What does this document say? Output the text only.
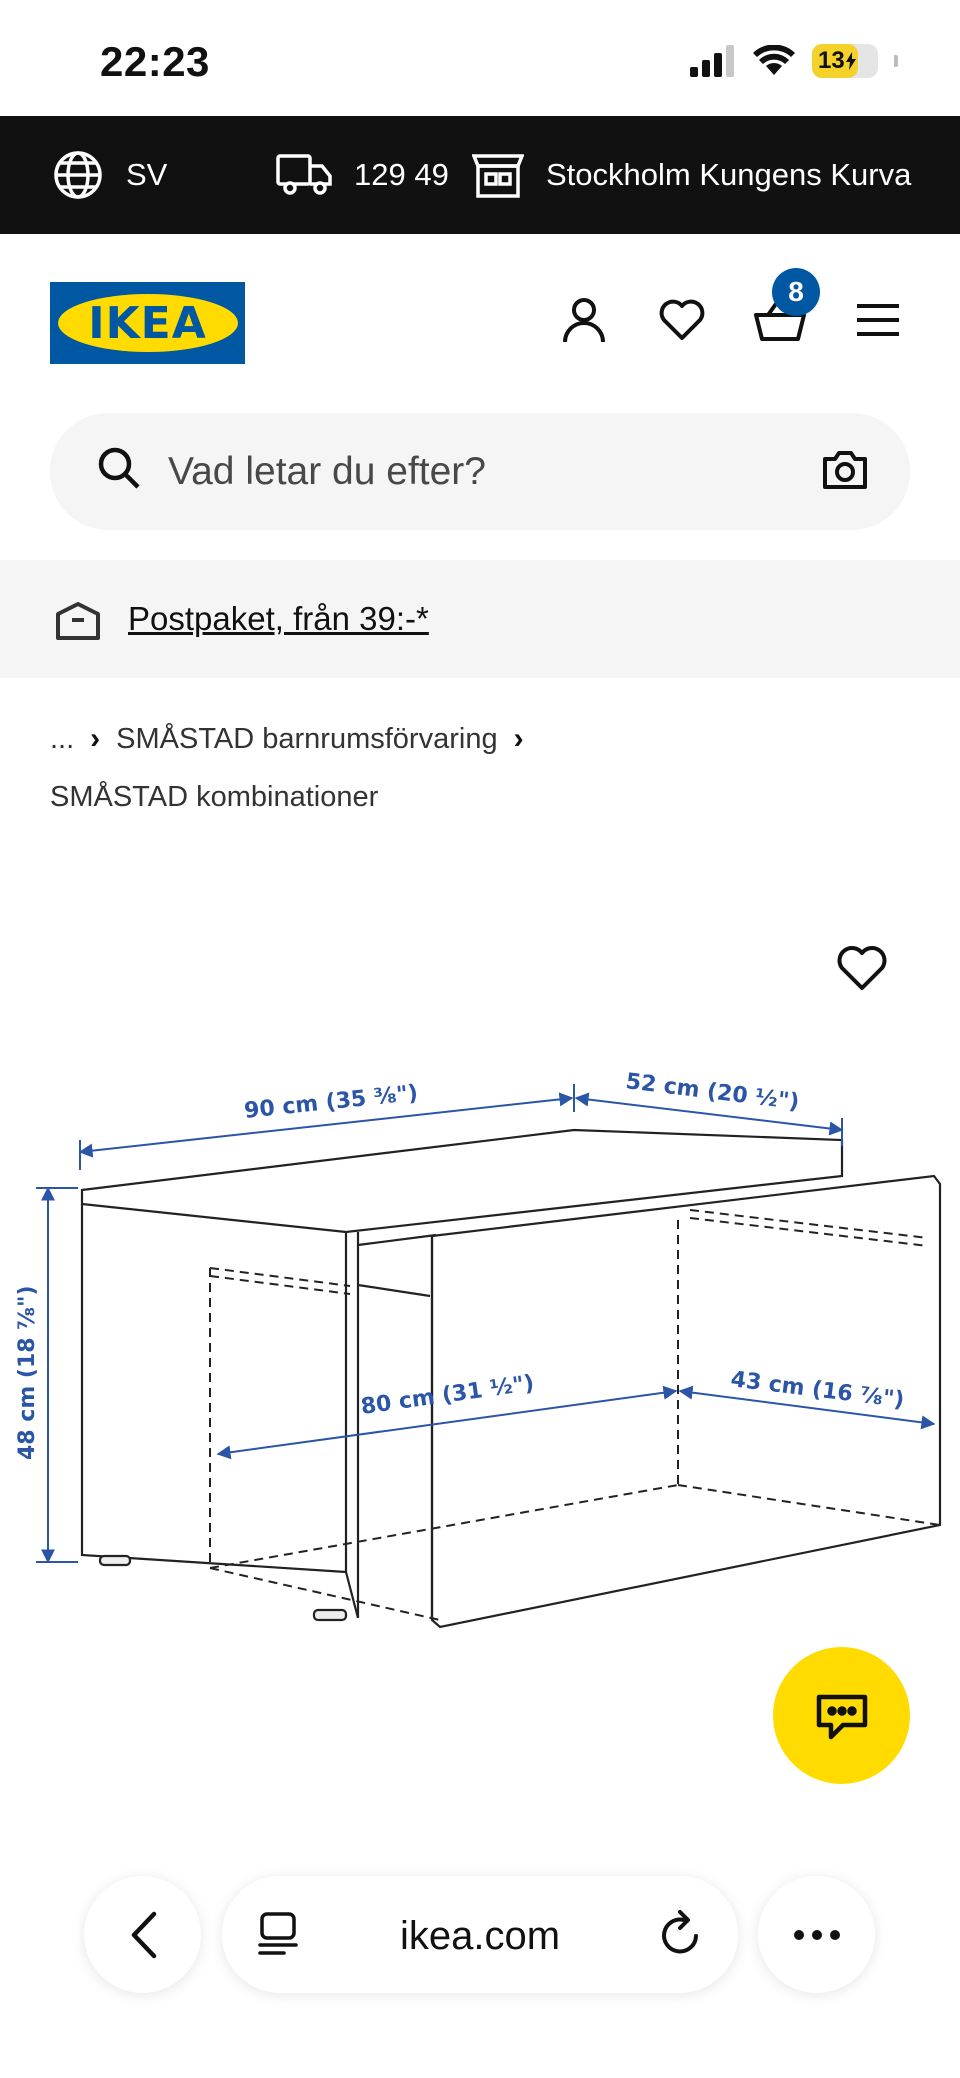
22:23	13
SV	129 49	Stockholm Kungens Kurva
IKEA
8
Vad letar du efter?
Postpaket, från 39:-*
... › SMÅSTAD barnrumsförvaring ›
SMÅSTAD kombinationer
90 cm (35 ⅜")	52 cm (20 ½")
48 cm (18 ⅞")	80 cm (31 ½")	43 cm (16 ⅞")
ikea.com
